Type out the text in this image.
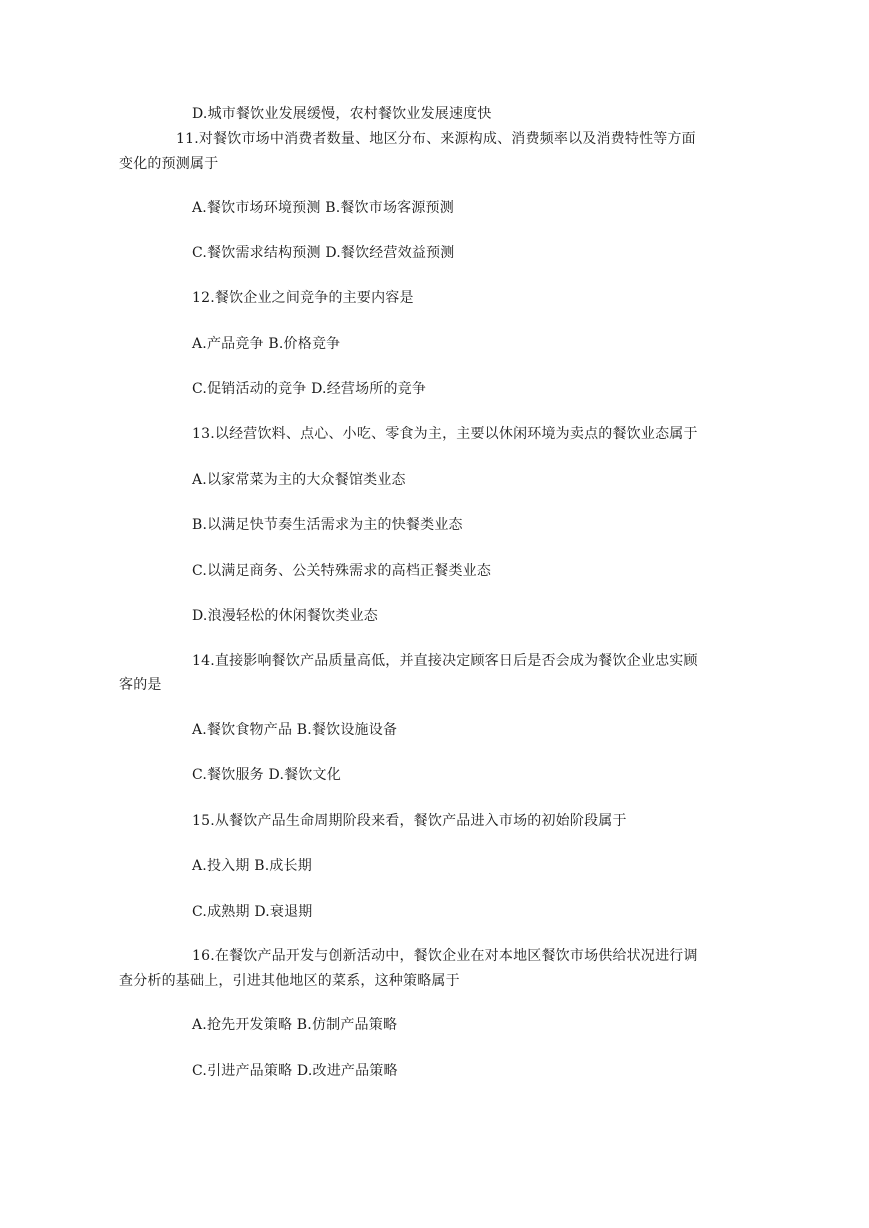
D.城市餐饮业发展缓慢，农村餐饮业发展速度快
11.对餐饮市场中消费者数量、地区分布、来源构成、消费频率以及消费特性等方面
变化的预测属于
A.餐饮市场环境预测 B.餐饮市场客源预测
C.餐饮需求结构预测 D.餐饮经营效益预测
12.餐饮企业之间竞争的主要内容是
A.产品竞争 B.价格竞争
C.促销活动的竞争 D.经营场所的竞争
13.以经营饮料、点心、小吃、零食为主，主要以休闲环境为卖点的餐饮业态属于
A.以家常菜为主的大众餐馆类业态
B.以满足快节奏生活需求为主的快餐类业态
C.以满足商务、公关特殊需求的高档正餐类业态
D.浪漫轻松的休闲餐饮类业态
14.直接影响餐饮产品质量高低，并直接决定顾客日后是否会成为餐饮企业忠实顾
客的是
A.餐饮食物产品 B.餐饮设施设备
C.餐饮服务 D.餐饮文化
15.从餐饮产品生命周期阶段来看，餐饮产品进入市场的初始阶段属于
A.投入期 B.成长期
C.成熟期 D.衰退期
16.在餐饮产品开发与创新活动中，餐饮企业在对本地区餐饮市场供给状况进行调
查分析的基础上，引进其他地区的菜系，这种策略属于
A.抢先开发策略 B.仿制产品策略
C.引进产品策略 D.改进产品策略
